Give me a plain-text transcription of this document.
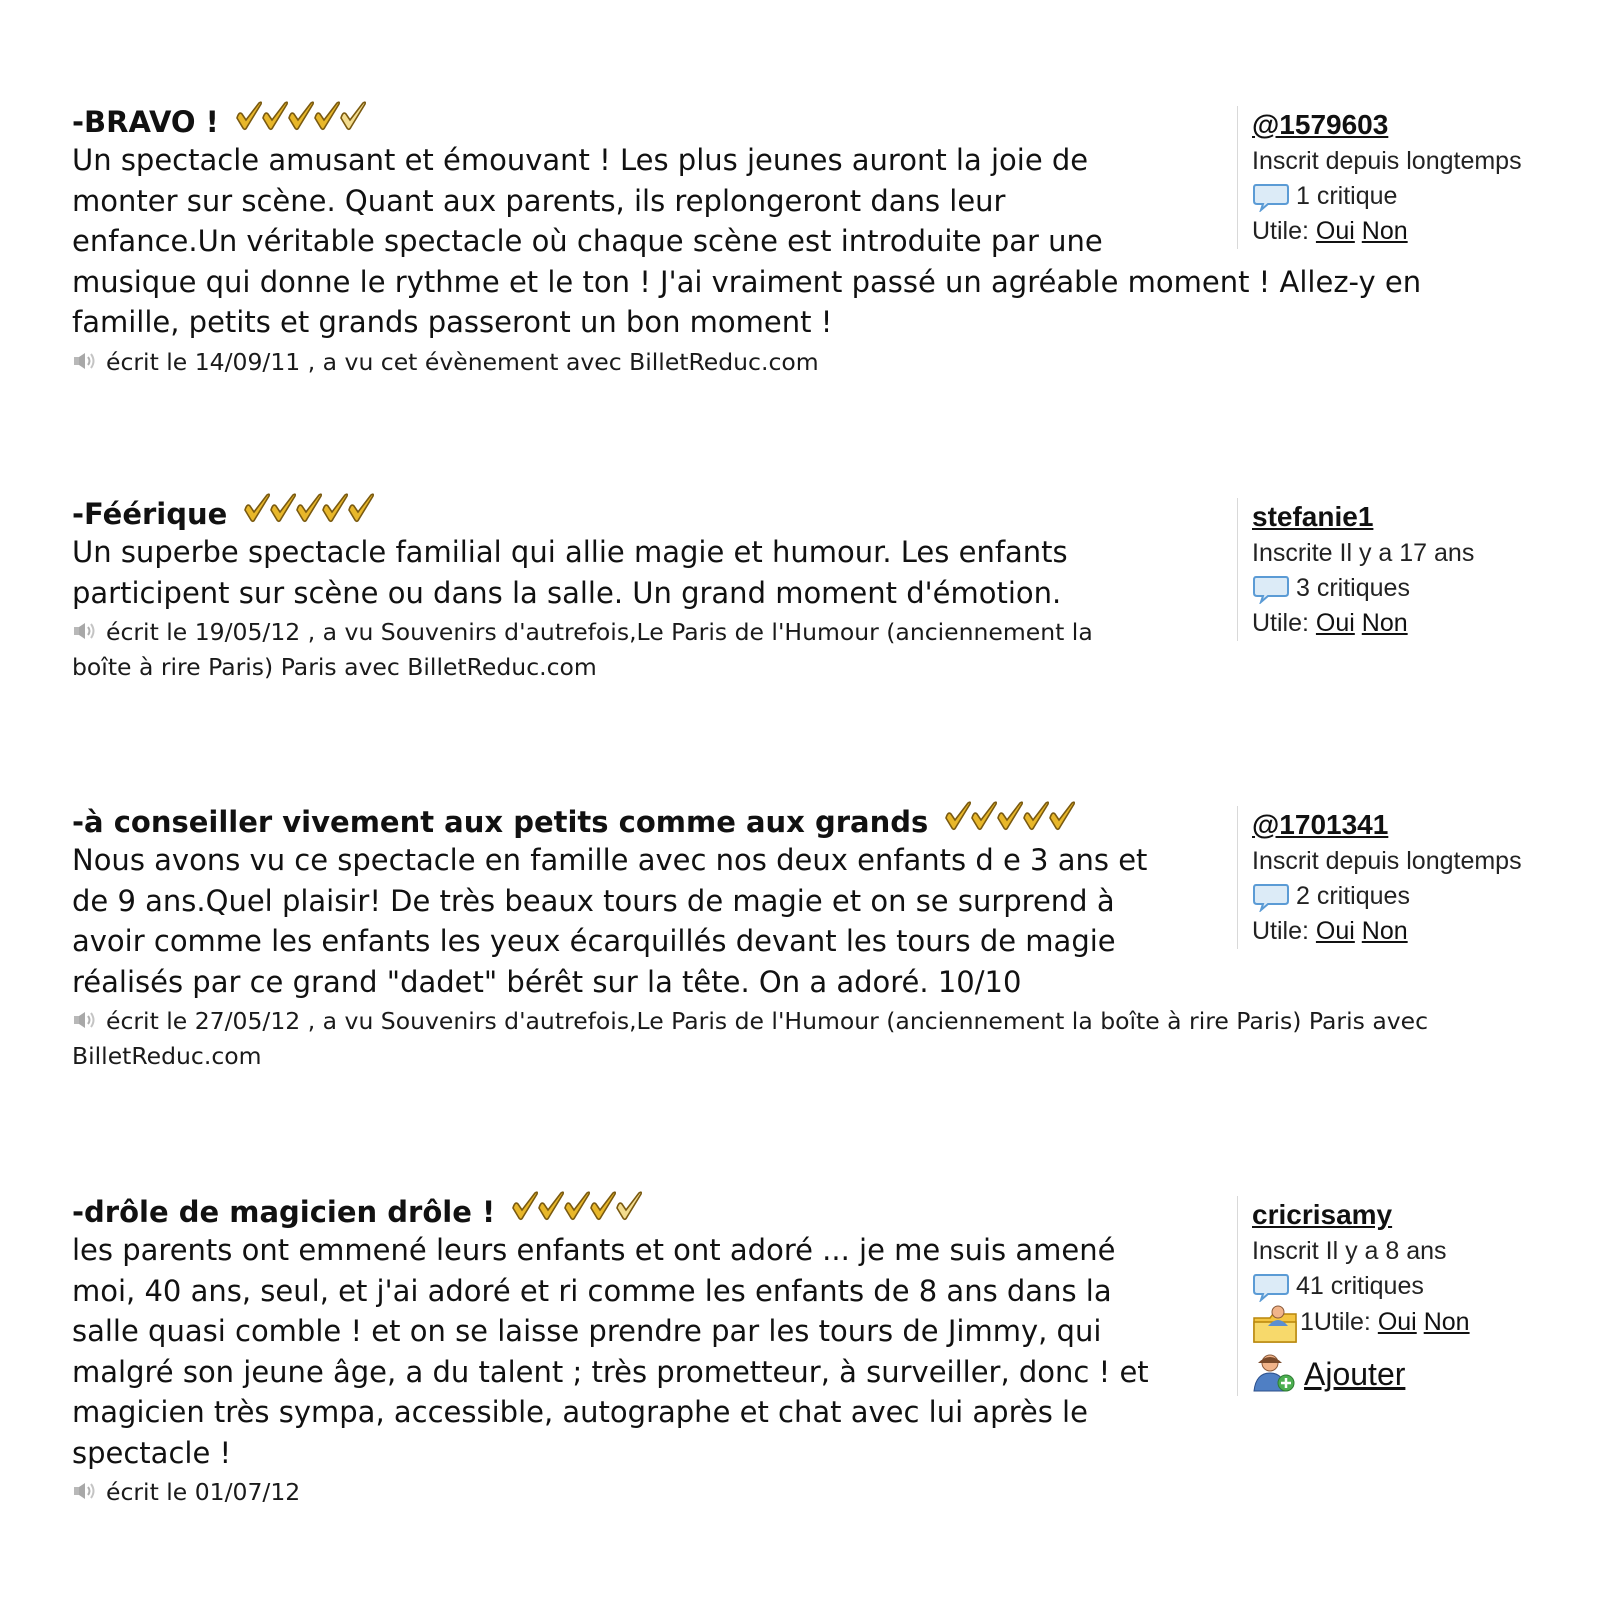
-BRAVO !
Un spectacle amusant et émouvant ! Les plus jeunes auront la joie de
monter sur scène. Quant aux parents, ils replongeront dans leur
enfance.Un véritable spectacle où chaque scène est introduite par une
musique qui donne le rythme et le ton ! J'ai vraiment passé un agréable moment ! Allez-y en
famille, petits et grands passeront un bon moment !
écrit le 14/09/11 , a vu cet évènement avec BilletReduc.com
@1579603
Inscrit depuis longtemps
1 critique
Utile: Oui Non
-Féérique
Un superbe spectacle familial qui allie magie et humour. Les enfants
participent sur scène ou dans la salle. Un grand moment d'émotion.
écrit le 19/05/12 , a vu Souvenirs d'autrefois,Le Paris de l'Humour (anciennement la
boîte à rire Paris) Paris avec BilletReduc.com
stefanie1
Inscrite Il y a 17 ans
3 critiques
Utile: Oui Non
-à conseiller vivement aux petits comme aux grands
Nous avons vu ce spectacle en famille avec nos deux enfants d e 3 ans et
de 9 ans.Quel plaisir! De très beaux tours de magie et on se surprend à
avoir comme les enfants les yeux écarquillés devant les tours de magie
réalisés par ce grand "dadet" bérêt sur la tête. On a adoré. 10/10
écrit le 27/05/12 , a vu Souvenirs d'autrefois,Le Paris de l'Humour (anciennement la boîte à rire Paris) Paris avec
BilletReduc.com
@1701341
Inscrit depuis longtemps
2 critiques
Utile: Oui Non
-drôle de magicien drôle !
les parents ont emmené leurs enfants et ont adoré ... je me suis amené
moi, 40 ans, seul, et j'ai adoré et ri comme les enfants de 8 ans dans la
salle quasi comble ! et on se laisse prendre par les tours de Jimmy, qui
malgré son jeune âge, a du talent ; très prometteur, à surveiller, donc ! et
magicien très sympa, accessible, autographe et chat avec lui après le
spectacle !
écrit le 01/07/12
cricrisamy
Inscrit Il y a 8 ans
41 critiques
1Utile: Oui Non
Ajouter
